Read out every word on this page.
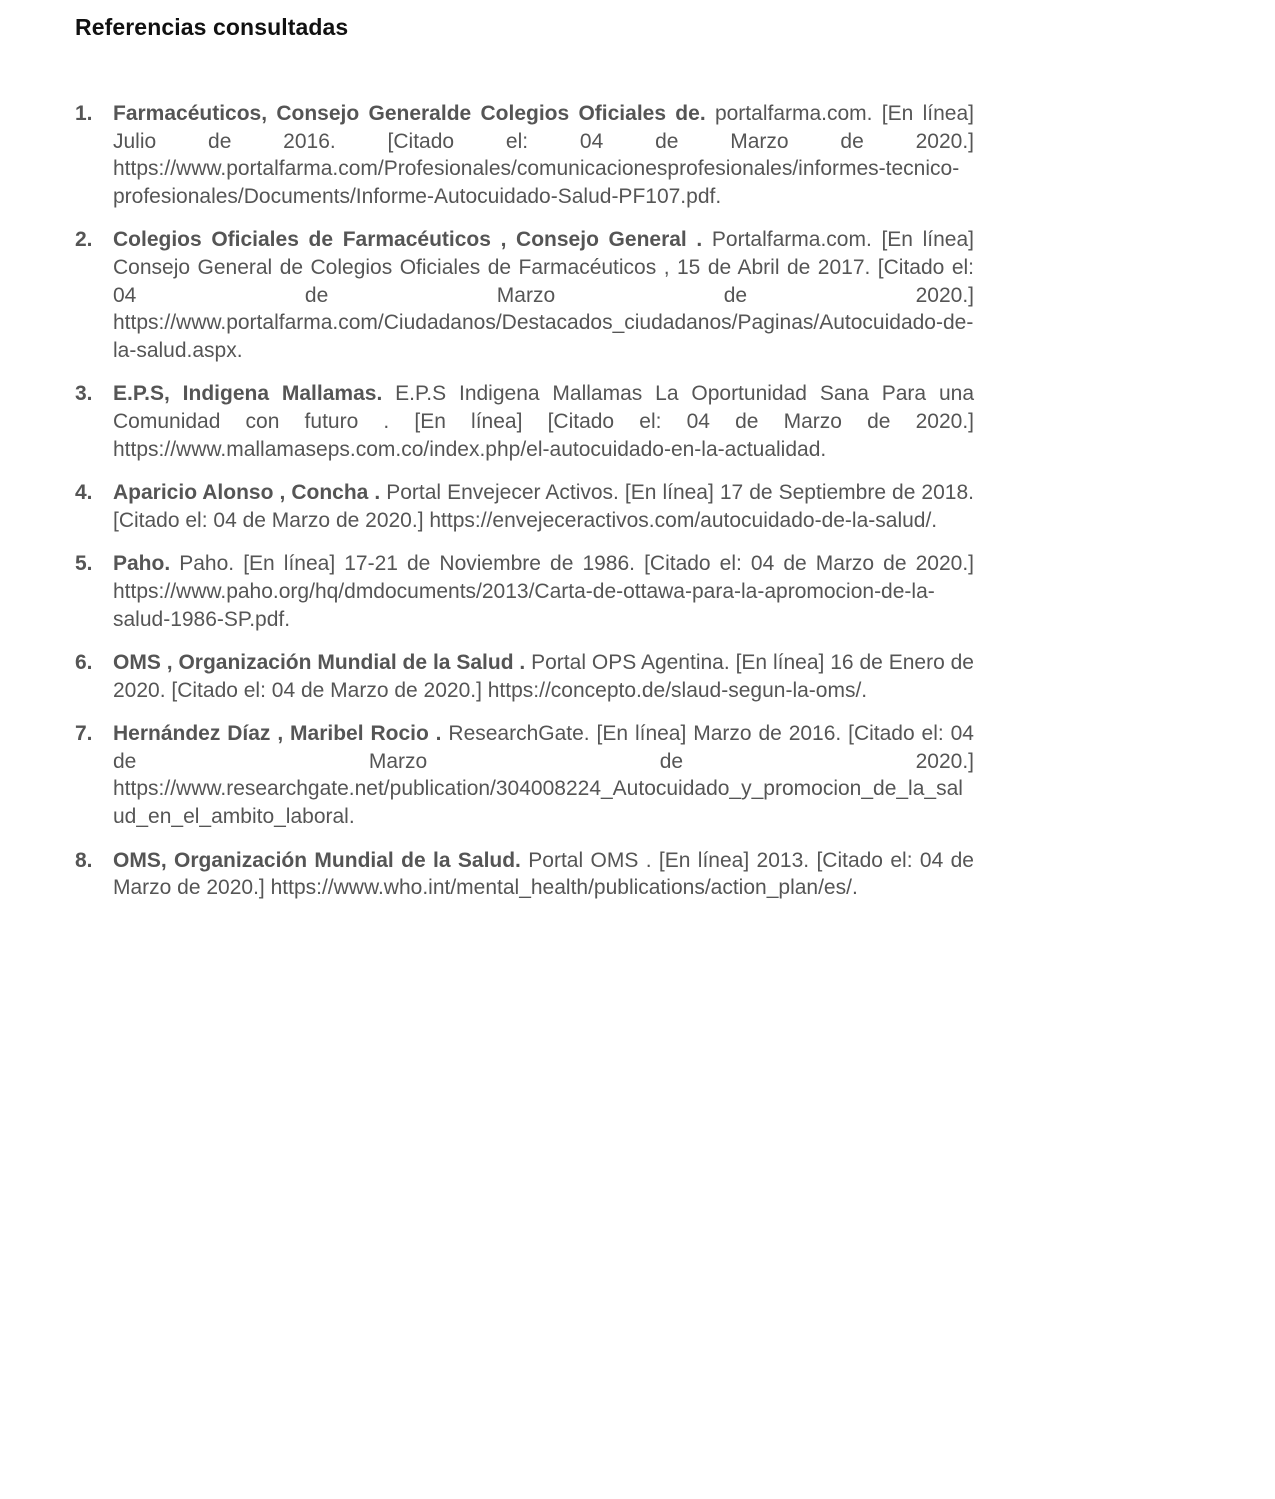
Referencias consultadas
1. Farmacéuticos, Consejo Generalde Colegios Oficiales de. portalfarma.com. [En línea] Julio de 2016. [Citado el: 04 de Marzo de 2020.] https://www.portalfarma.com/Profesionales/comunicacionesprofesionales/informes-tecnico-profesionales/Documents/Informe-Autocuidado-Salud-PF107.pdf.
2. Colegios Oficiales de Farmacéuticos , Consejo General . Portalfarma.com. [En línea] Consejo General de Colegios Oficiales de Farmacéuticos , 15 de Abril de 2017. [Citado el: 04 de Marzo de 2020.] https://www.portalfarma.com/Ciudadanos/Destacados_ciudadanos/Paginas/Autocuidado-de-la-salud.aspx.
3. E.P.S, Indigena Mallamas. E.P.S Indigena Mallamas La Oportunidad Sana Para una Comunidad con futuro . [En línea] [Citado el: 04 de Marzo de 2020.] https://www.mallamaseps.com.co/index.php/el-autocuidado-en-la-actualidad.
4. Aparicio Alonso , Concha . Portal Envejecer Activos. [En línea] 17 de Septiembre de 2018. [Citado el: 04 de Marzo de 2020.] https://envejeceractivos.com/autocuidado-de-la-salud/.
5. Paho. Paho. [En línea] 17-21 de Noviembre de 1986. [Citado el: 04 de Marzo de 2020.] https://www.paho.org/hq/dmdocuments/2013/Carta-de-ottawa-para-la-apromocion-de-la-salud-1986-SP.pdf.
6. OMS , Organización Mundial de la Salud . Portal OPS Agentina. [En línea] 16 de Enero de 2020. [Citado el: 04 de Marzo de 2020.] https://concepto.de/slaud-segun-la-oms/.
7. Hernández Díaz , Maribel Rocio . ResearchGate. [En línea] Marzo de 2016. [Citado el: 04 de Marzo de 2020.] https://www.researchgate.net/publication/304008224_Autocuidado_y_promocion_de_la_salud_en_el_ambito_laboral.
8. OMS, Organización Mundial de la Salud. Portal OMS . [En línea] 2013. [Citado el: 04 de Marzo de 2020.] https://www.who.int/mental_health/publications/action_plan/es/.
